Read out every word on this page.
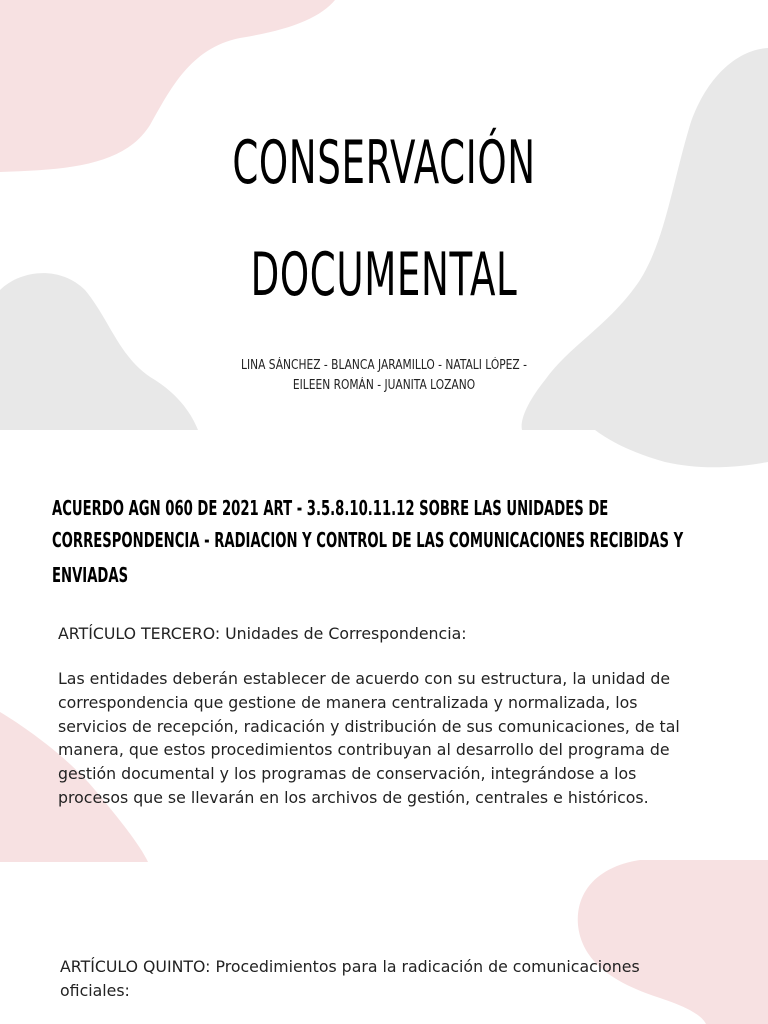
CONSERVACIÓN
DOCUMENTAL

LINA SÁNCHEZ - BLANCA JARAMILLO - NATALI LÓPEZ -

EILEEN ROMÁN - JUANITA LOZANO

ACUERDO AGN 060 DE 2021 ART - 3.5.8.10.11.12 SOBRE LAS UNIDADES DE
CORRESPONDENCIA - RADIACION Y CONTROL DE LAS COMUNICACIONES RECIBIDAS Y
ENVIADAS

ARTÍCULO TERCERO: Unidades de Correspondencia:

Las entidades deberán establecer de acuerdo con su estructura, la unidad de

correspondencia que gestione de manera centralizada y normalizada, los

servicios de recepción, radicación y distribución de sus comunicaciones, de tal

manera, que estos procedimientos contribuyan al desarrollo del programa de

gestión documental y los programas de conservación, integrándose a los

procesos que se llevarán en los archivos de gestión, centrales e históricos.

ARTÍCULO QUINTO: Procedimientos para la radicación de comunicaciones

oficiales:
